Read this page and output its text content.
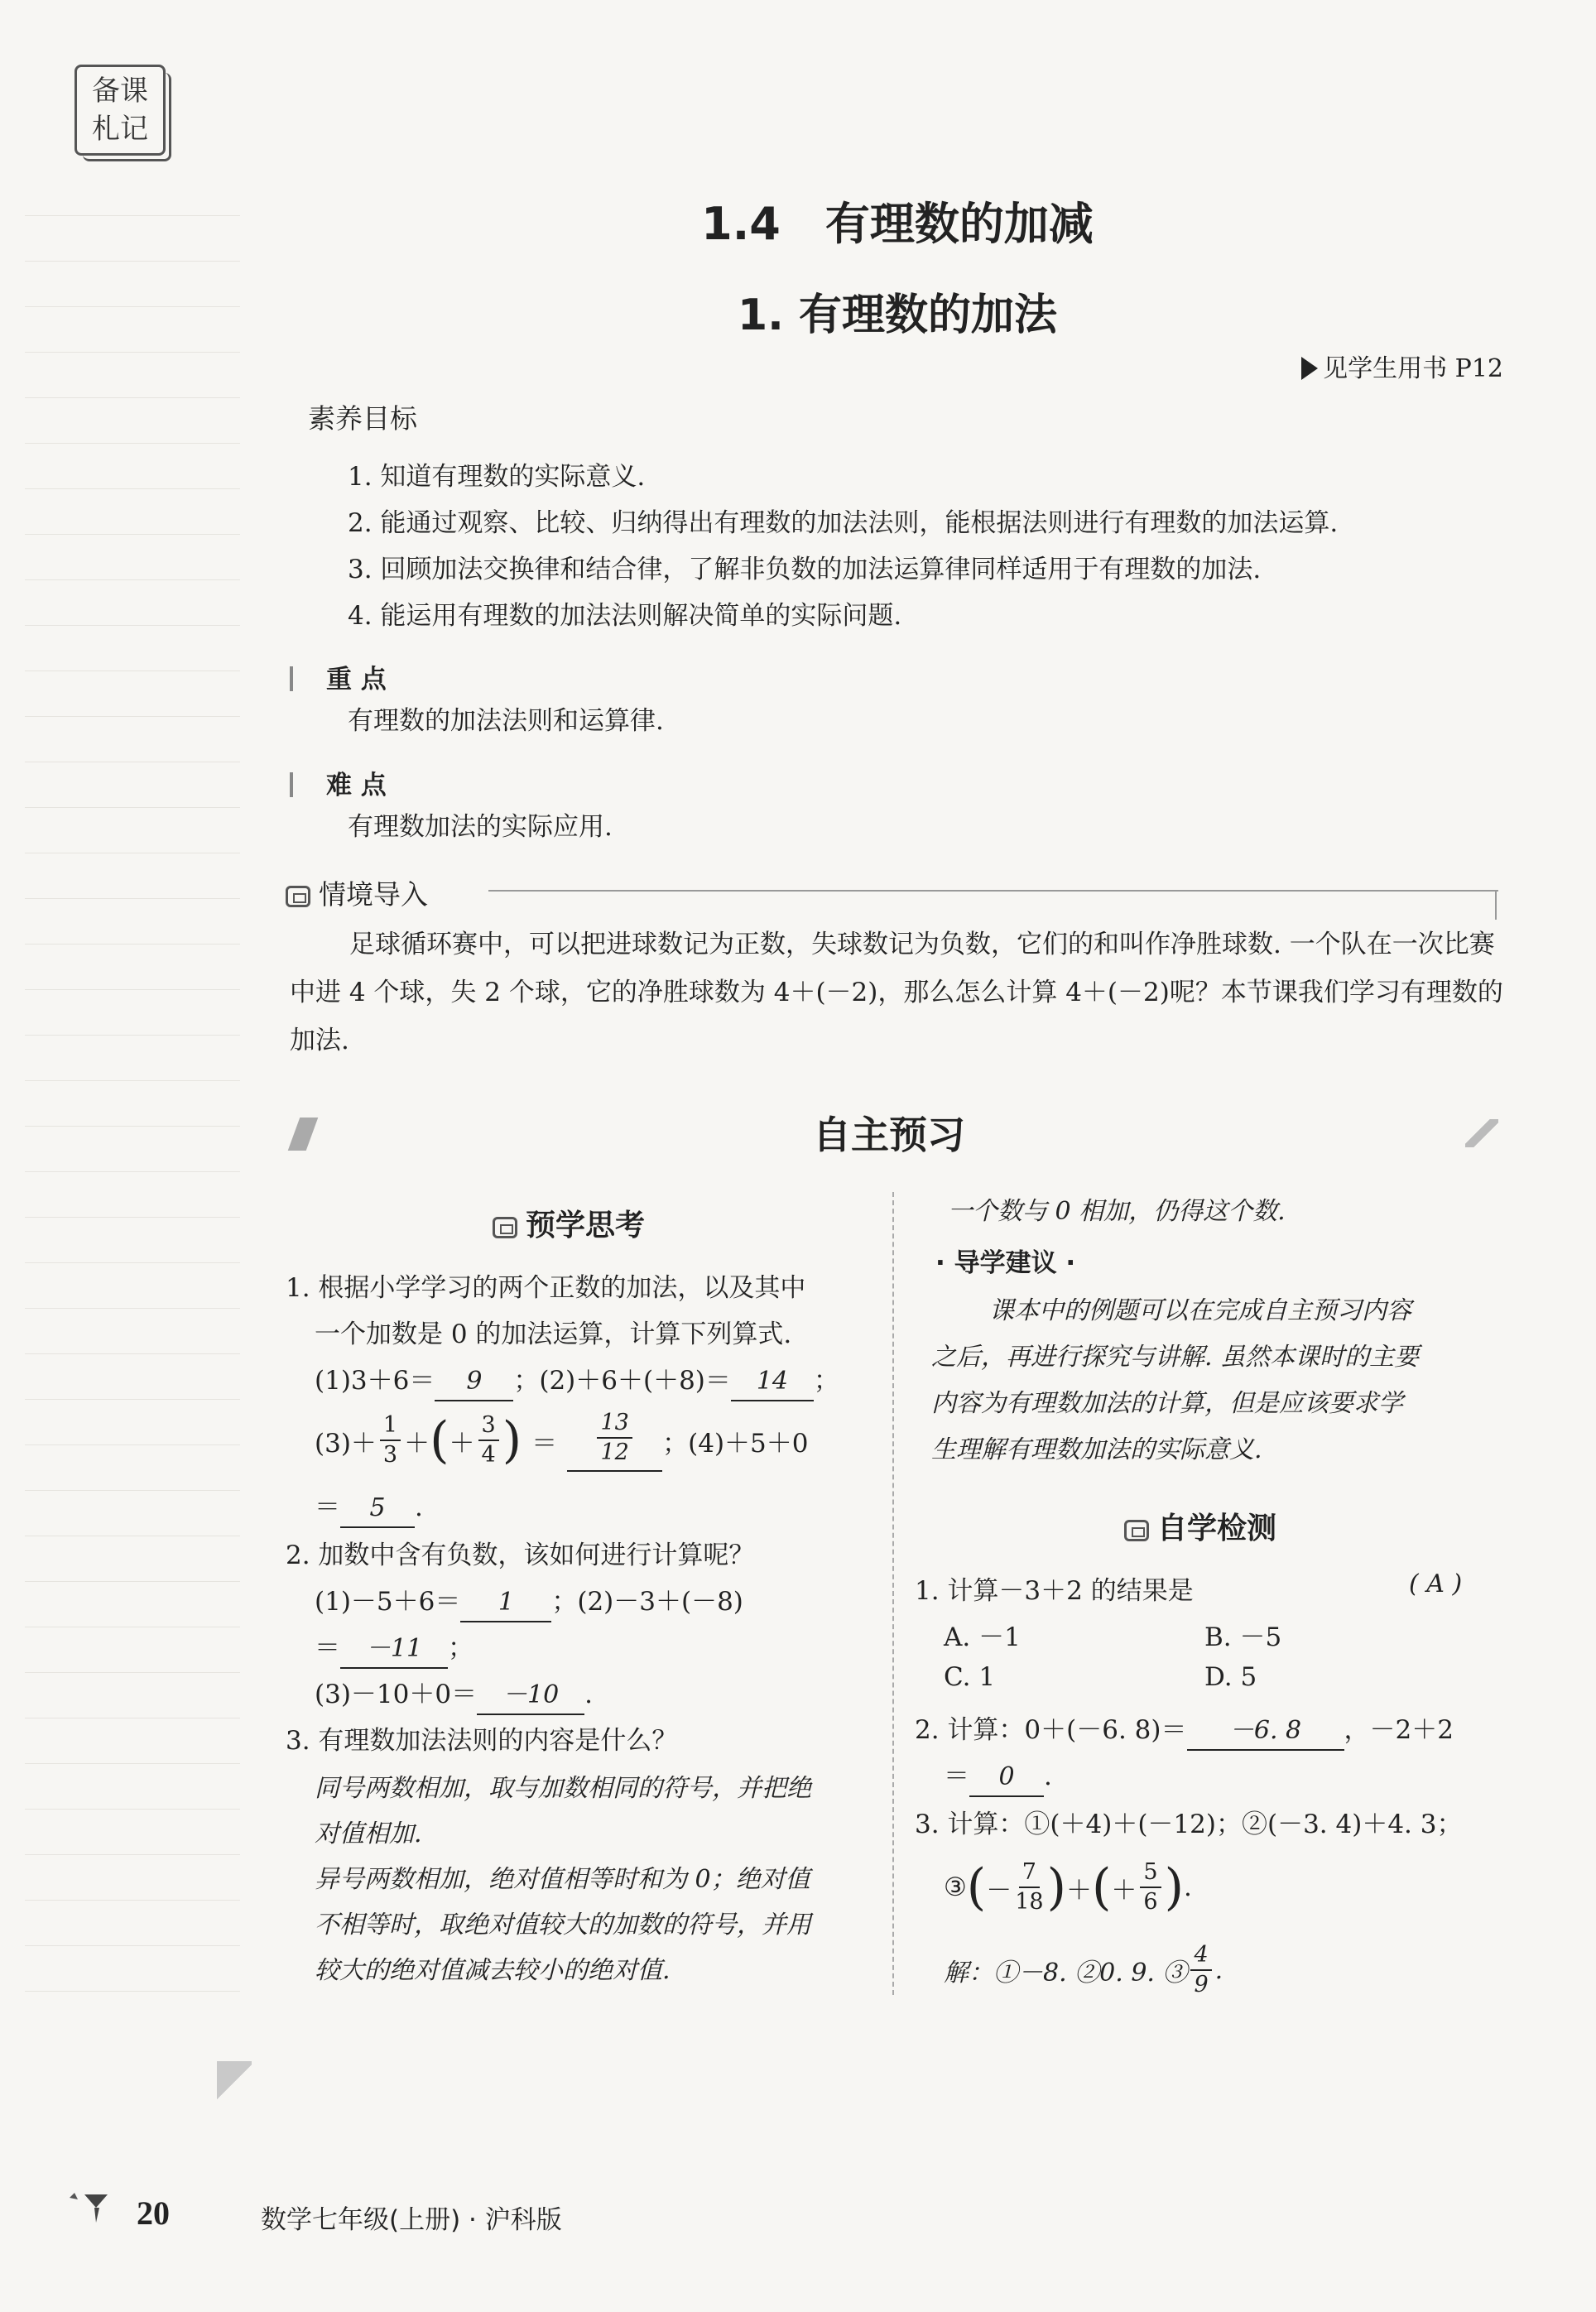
备课
札记
1.4　有理数的加减
1. 有理数的加法
见学生用书 P12
素养目标
1. 知道有理数的实际意义.
2. 能通过观察、比较、归纳得出有理数的加法法则，能根据法则进行有理数的加法运算.
3. 回顾加法交换律和结合律，了解非负数的加法运算律同样适用于有理数的加法.
4. 能运用有理数的加法法则解决简单的实际问题.
重 点
有理数的加法法则和运算律.
难 点
有理数加法的实际应用.
情境导入
足球循环赛中，可以把进球数记为正数，失球数记为负数，它们的和叫作净胜球数. 一个队在一次比赛中进 4 个球，失 2 个球，它的净胜球数为 4＋(－2)，那么怎么计算 4＋(－2)呢？本节课我们学习有理数的加法.
自主预习
预学思考
1. 根据小学学习的两个正数的加法，以及其中
一个加数是 0 的加法运算，计算下列算式.
(1)3＋6＝ 9 ；(2)＋6＋(＋8)＝ 14 ；
$(3)+ \frac{1}{3}$ ＋ ( ＋ $\frac{3}{4}$ ) ＝ $\frac{13}{12}$ ；(4)＋5＋0
＝ 5 .
2. 加数中含有负数，该如何进行计算呢？
(1)－5＋6＝ 1 ；(2)－3＋(－8)
＝ －11 ；
(3)－10＋0＝ －10 .
3. 有理数加法法则的内容是什么？
同号两数相加，取与加数相同的符号，并把绝
对值相加.
异号两数相加，绝对值相等时和为 0；绝对值
不相等时，取绝对值较大的加数的符号，并用
较大的绝对值减去较小的绝对值.
一个数与 0 相加，仍得这个数.
· 导学建议 ·
课本中的例题可以在完成自主预习内容
之后，再进行探究与讲解. 虽然本课时的主要
内容为有理数加法的计算，但是应该要求学
生理解有理数加法的实际意义.
自学检测
1. 计算－3＋2 的结果是	( A )
A. －1	B. －5
C. 1	D. 5
2. 计算：0＋(－6. 8)＝ －6. 8 ，－2＋2
＝ 0 .
3. 计算：①(＋4)＋(－12)；②(－3. 4)＋4. 3；
③ ( － $\frac{7}{18}$ ) ＋ ( ＋ $\frac{5}{6}$ ) .
解：①－8. ②0. 9. ③ $\frac{4}{9}$ .
20	数学七年级(上册) · 沪科版
